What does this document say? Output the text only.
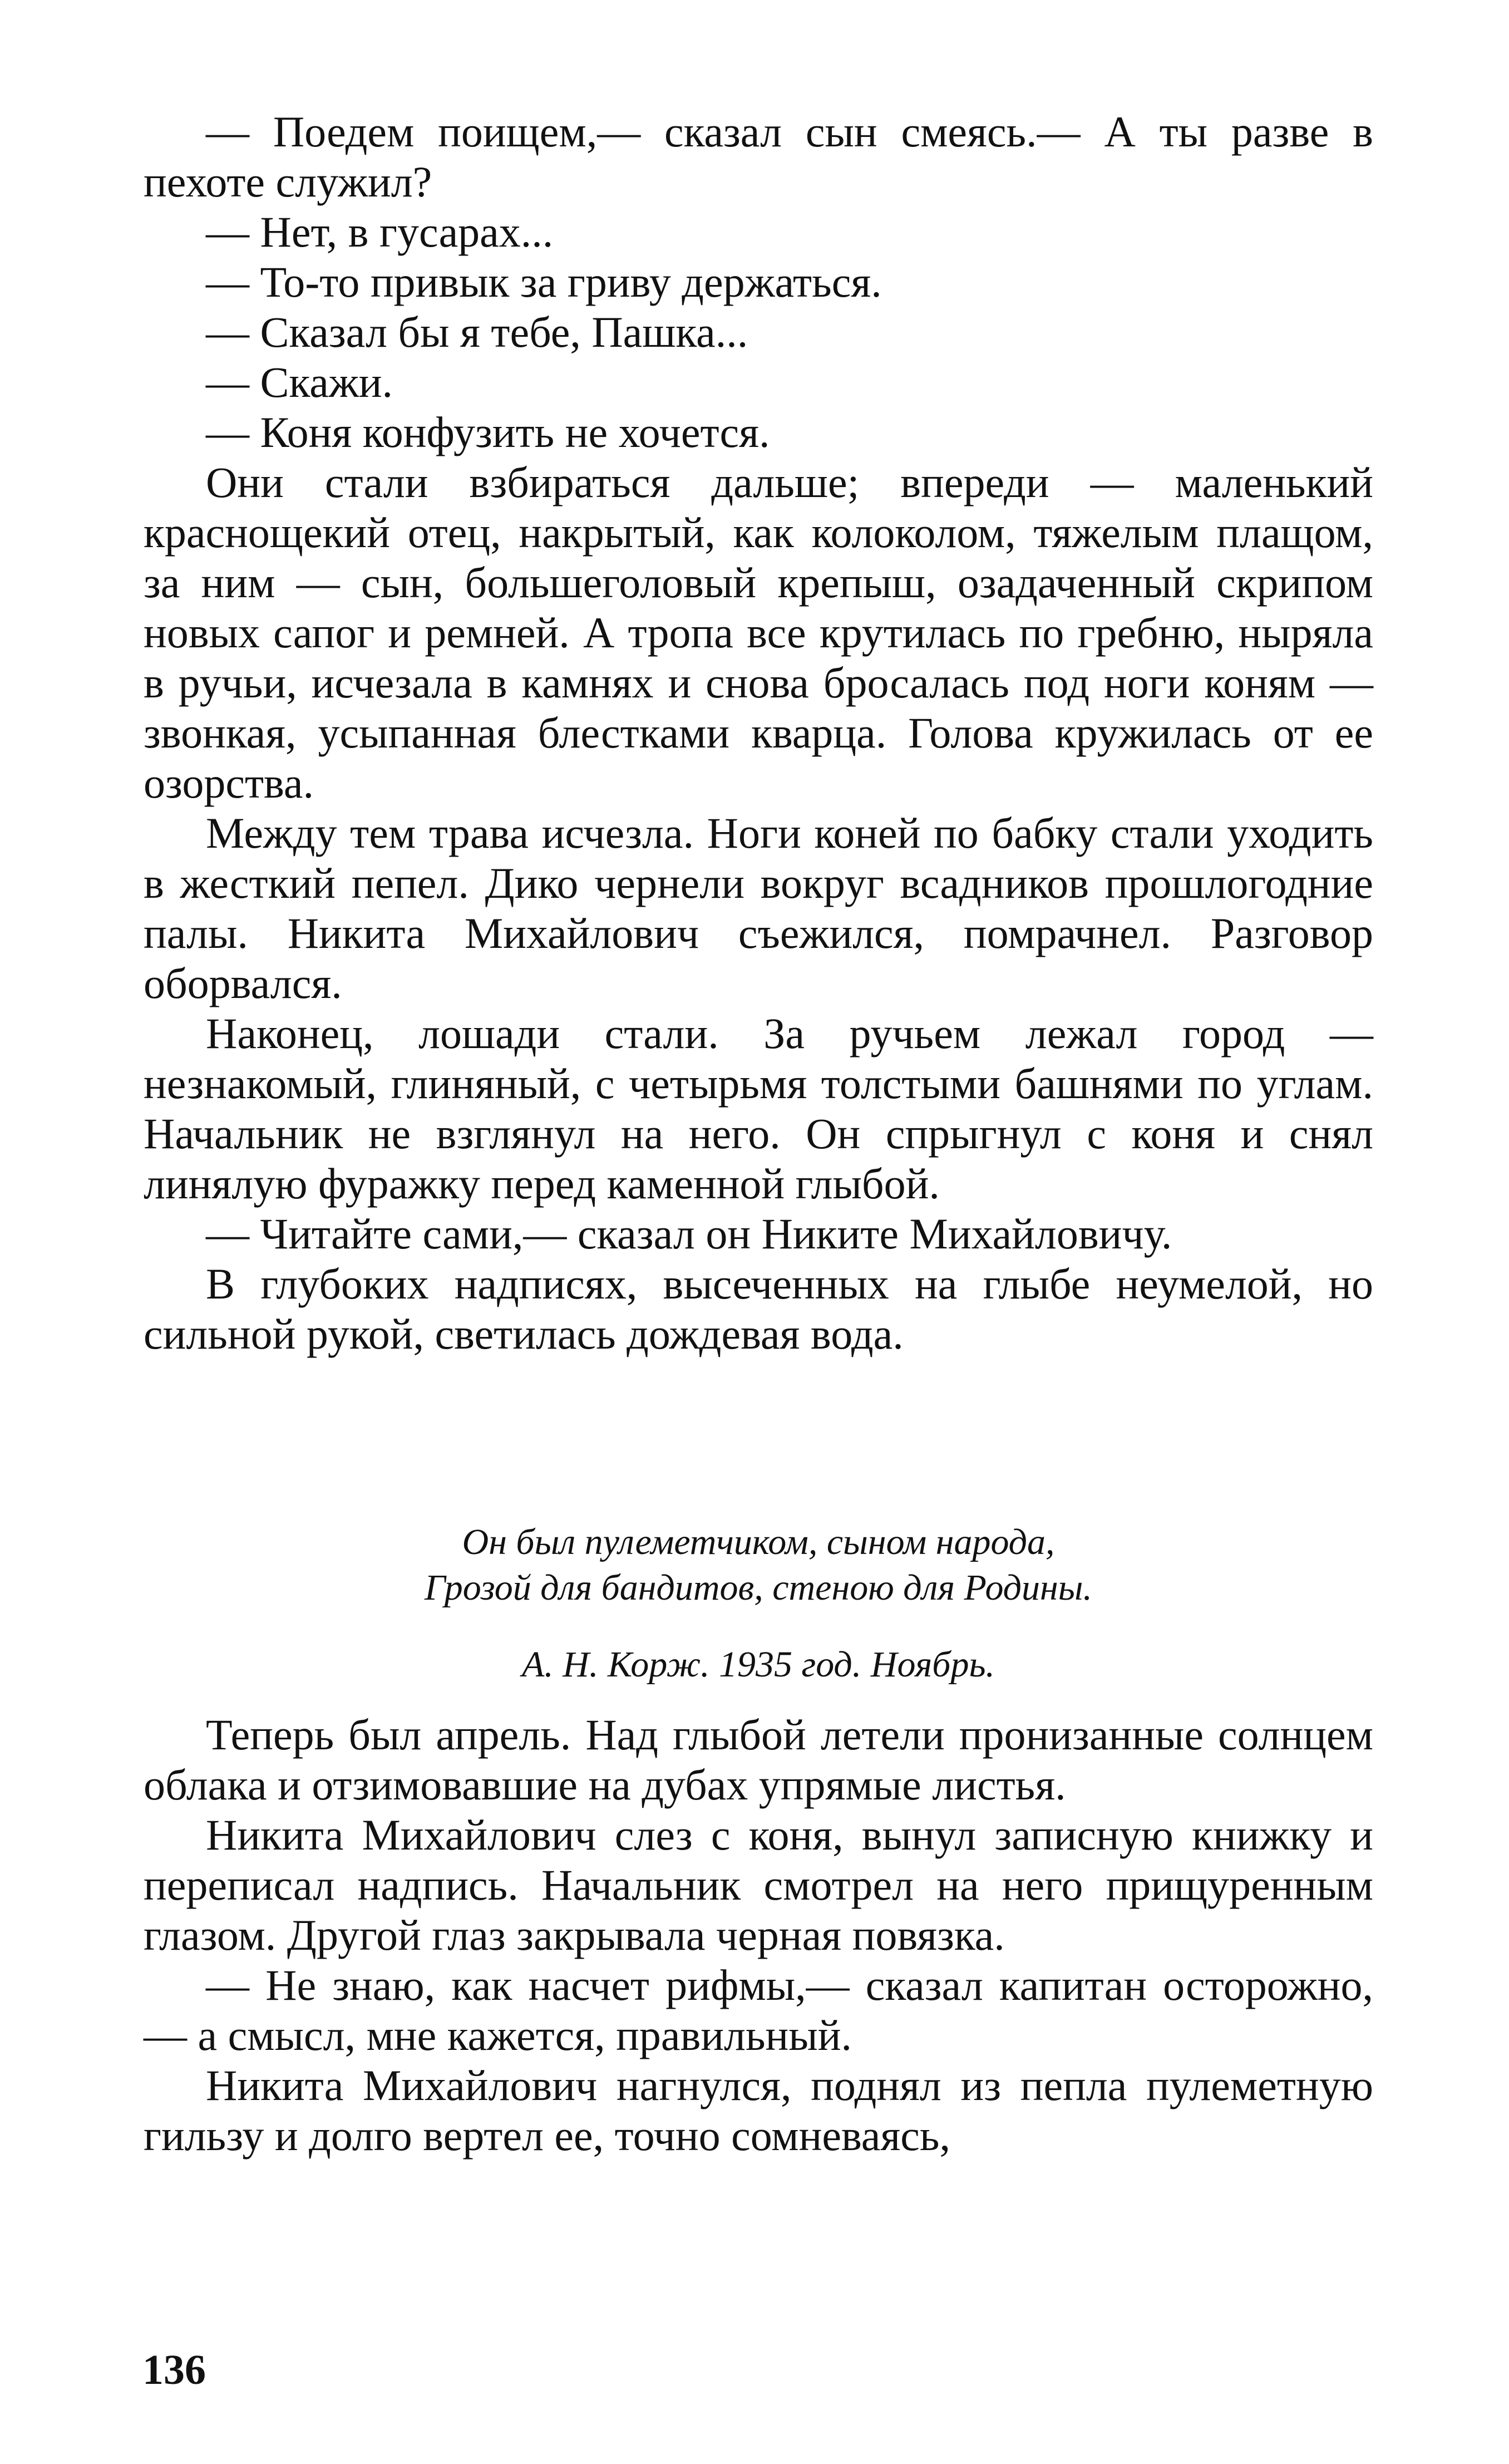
— Поедем поищем,— сказал сын смеясь.— А ты разве в пехоте служил?

— Нет, в гусарах...

— То-то привык за гриву держаться.

— Сказал бы я тебе, Пашка...

— Скажи.

— Коня конфузить не хочется.

Они стали взбираться дальше; впереди — маленький краснощекий отец, накрытый, как колоколом, тяжелым плащом, за ним — сын, большеголовый крепыш, озадаченный скрипом новых сапог и ремней. А тропа все крутилась по гребню, ныряла в ручьи, исчезала в камнях и снова бросалась под ноги коням — звонкая, усыпанная блестками кварца. Голова кружилась от ее озорства.

Между тем трава исчезла. Ноги коней по бабку стали уходить в жесткий пепел. Дико чернели вокруг всадников прошлогодние палы. Никита Михайлович съежился, помрачнел. Разговор оборвался.

Наконец, лошади стали. За ручьем лежал город — незнакомый, глиняный, с четырьмя толстыми башнями по углам. Начальник не взглянул на него. Он спрыгнул с коня и снял линялую фуражку перед каменной глыбой.

— Читайте сами,— сказал он Никите Михайловичу.

В глубоких надписях, высеченных на глыбе неумелой, но сильной рукой, светилась дождевая вода.

Он был пулеметчиком, сыном народа,
Грозой для бандитов, стеною для Родины.
А. Н. Корж. 1935 год. Ноябрь.

Теперь был апрель. Над глыбой летели пронизанные солнцем облака и отзимовавшие на дубах упрямые листья.

Никита Михайлович слез с коня, вынул записную книжку и переписал надпись. Начальник смотрел на него прищуренным глазом. Другой глаз закрывала черная повязка.

— Не знаю, как насчет рифмы,— сказал капитан осторожно,— а смысл, мне кажется, правильный.

Никита Михайлович нагнулся, поднял из пепла пулеметную гильзу и долго вертел ее, точно сомневаясь,

136
